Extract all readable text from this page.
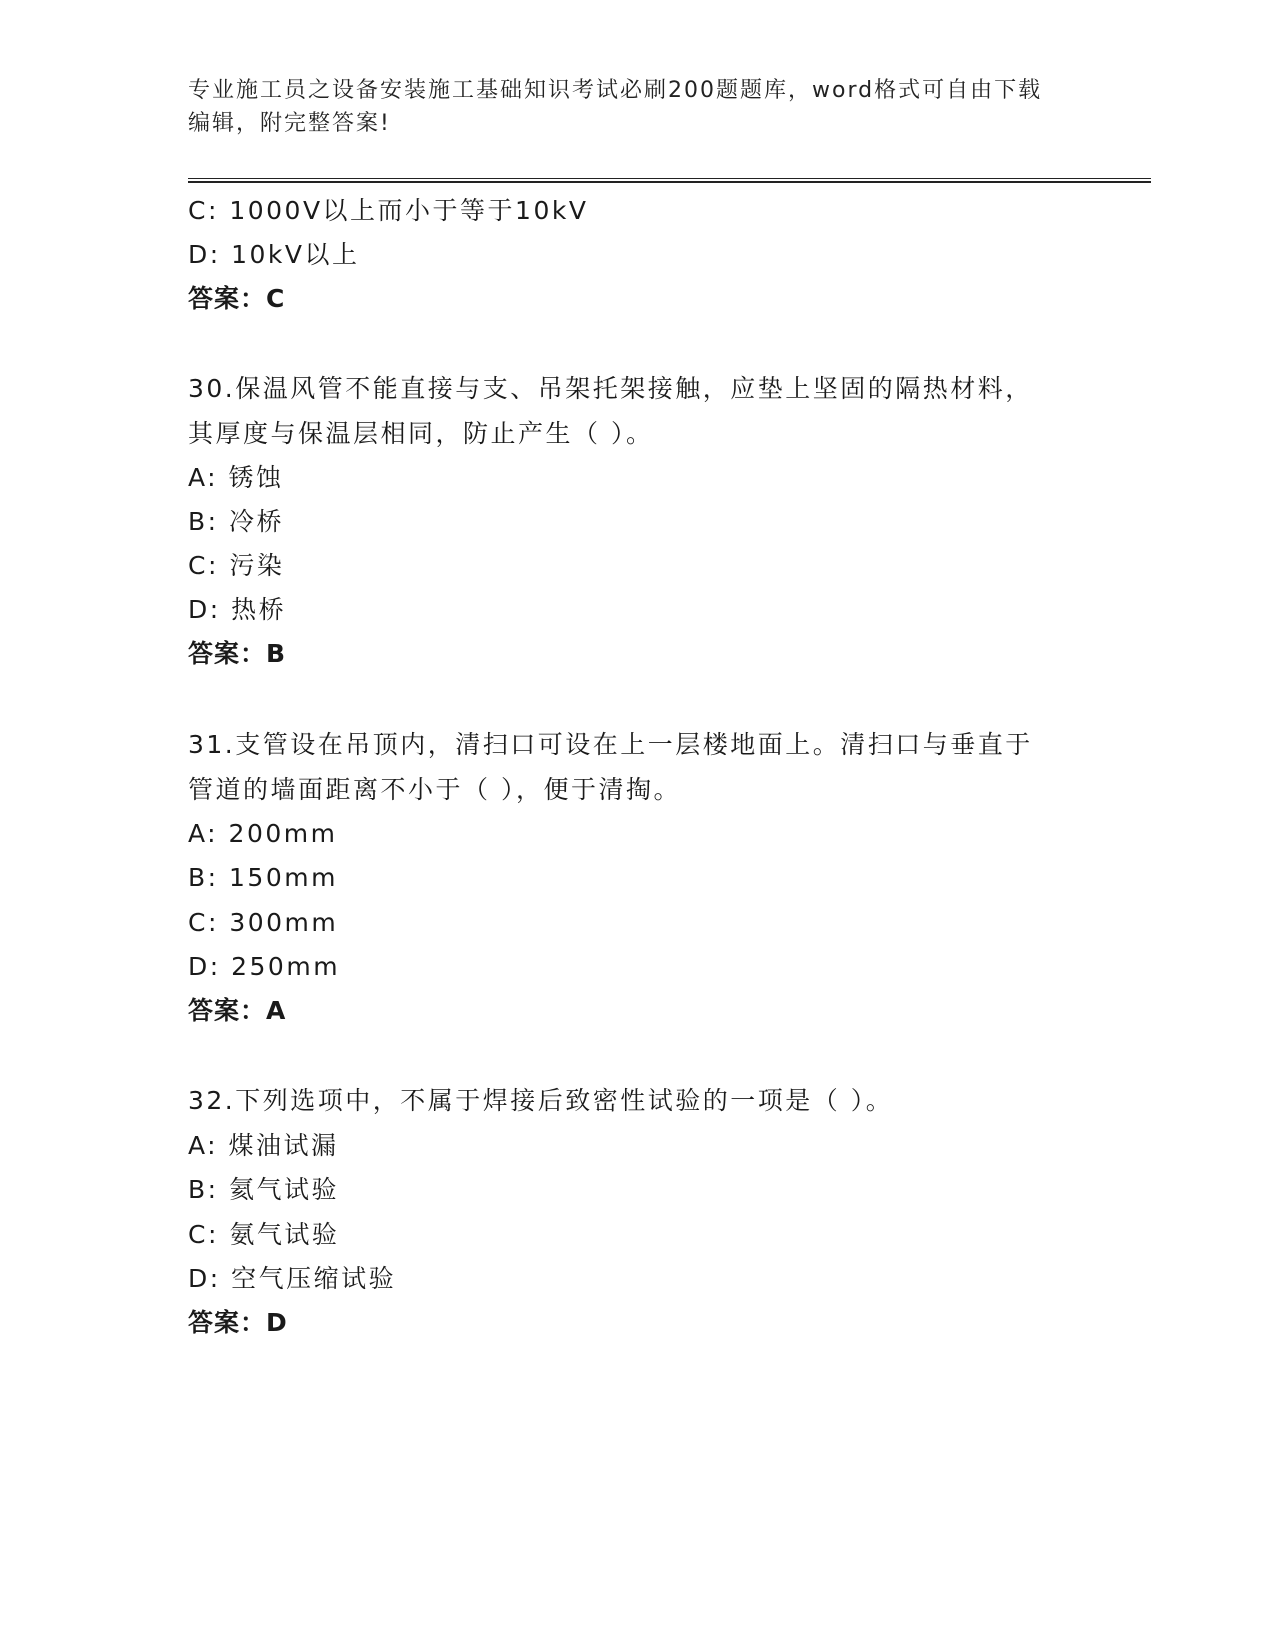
专业施工员之设备安装施工基础知识考试必刷200题题库，word格式可自由下载
编辑，附完整答案!
C: 1000V以上而小于等于10kV
D: 10kV以上
答案：C
30.保温风管不能直接与支、吊架托架接触，应垫上坚固的隔热材料，
其厚度与保温层相同，防止产生（ ）。
A: 锈蚀
B: 冷桥
C: 污染
D: 热桥
答案：B
31.支管设在吊顶内，清扫口可设在上一层楼地面上。清扫口与垂直于
管道的墙面距离不小于（ ），便于清掏。
A: 200mm
B: 150mm
C: 300mm
D: 250mm
答案：A
32.下列选项中，不属于焊接后致密性试验的一项是（ ）。
A: 煤油试漏
B: 氦气试验
C: 氨气试验
D: 空气压缩试验
答案：D
